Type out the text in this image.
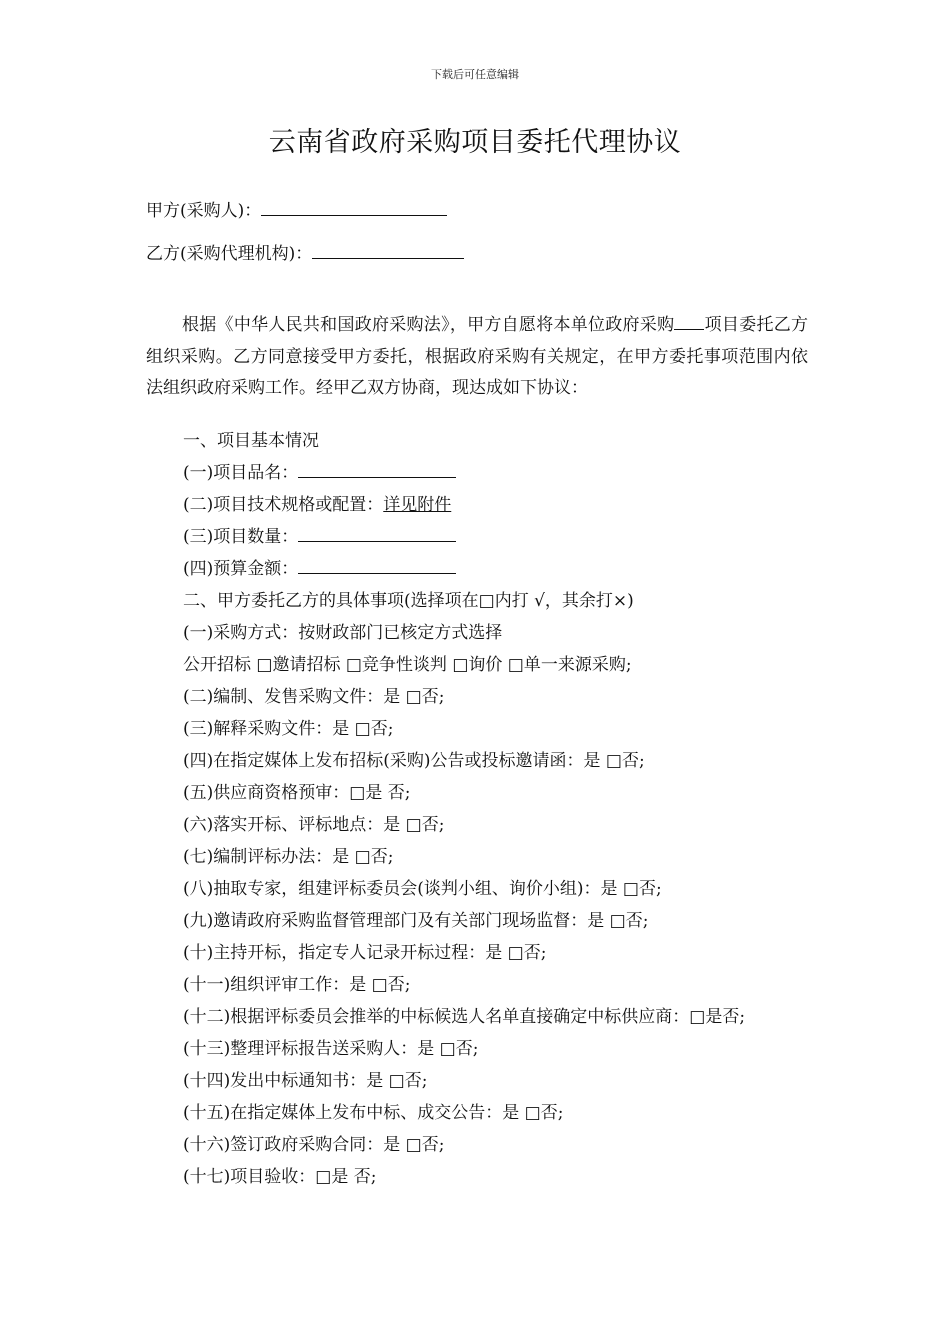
下载后可任意编辑
云南省政府采购项目委托代理协议
甲方(采购人)：
乙方(采购代理机构)：
根据《中华人民共和国政府采购法》，甲方自愿将本单位政府采购 项目委托乙方组织采购。乙方同意接受甲方委托，根据政府采购有关规定，在甲方委托事项范围内依法组织政府采购工作。经甲乙双方协商，现达成如下协议：
一、项目基本情况
(一)项目品名：
(二)项目技术规格或配置：详见附件
(三)项目数量：
(四)预算金额：
二、甲方委托乙方的具体事项(选择项在□内打 √，其余打×)
(一)采购方式：按财政部门已核定方式选择
公开招标 □邀请招标 □竞争性谈判 □询价 □单一来源采购;
(二)编制、发售采购文件：是 □否;
(三)解释采购文件：是 □否;
(四)在指定媒体上发布招标(采购)公告或投标邀请函：是 □否;
(五)供应商资格预审：□是 否;
(六)落实开标、评标地点：是 □否;
(七)编制评标办法：是 □否;
(八)抽取专家，组建评标委员会(谈判小组、询价小组)：是 □否;
(九)邀请政府采购监督管理部门及有关部门现场监督：是 □否;
(十)主持开标，指定专人记录开标过程：是 □否;
(十一)组织评审工作：是 □否;
(十二)根据评标委员会推举的中标候选人名单直接确定中标供应商：□是否;
(十三)整理评标报告送采购人：是 □否;
(十四)发出中标通知书：是 □否;
(十五)在指定媒体上发布中标、成交公告：是 □否;
(十六)签订政府采购合同：是 □否;
(十七)项目验收：□是 否;
